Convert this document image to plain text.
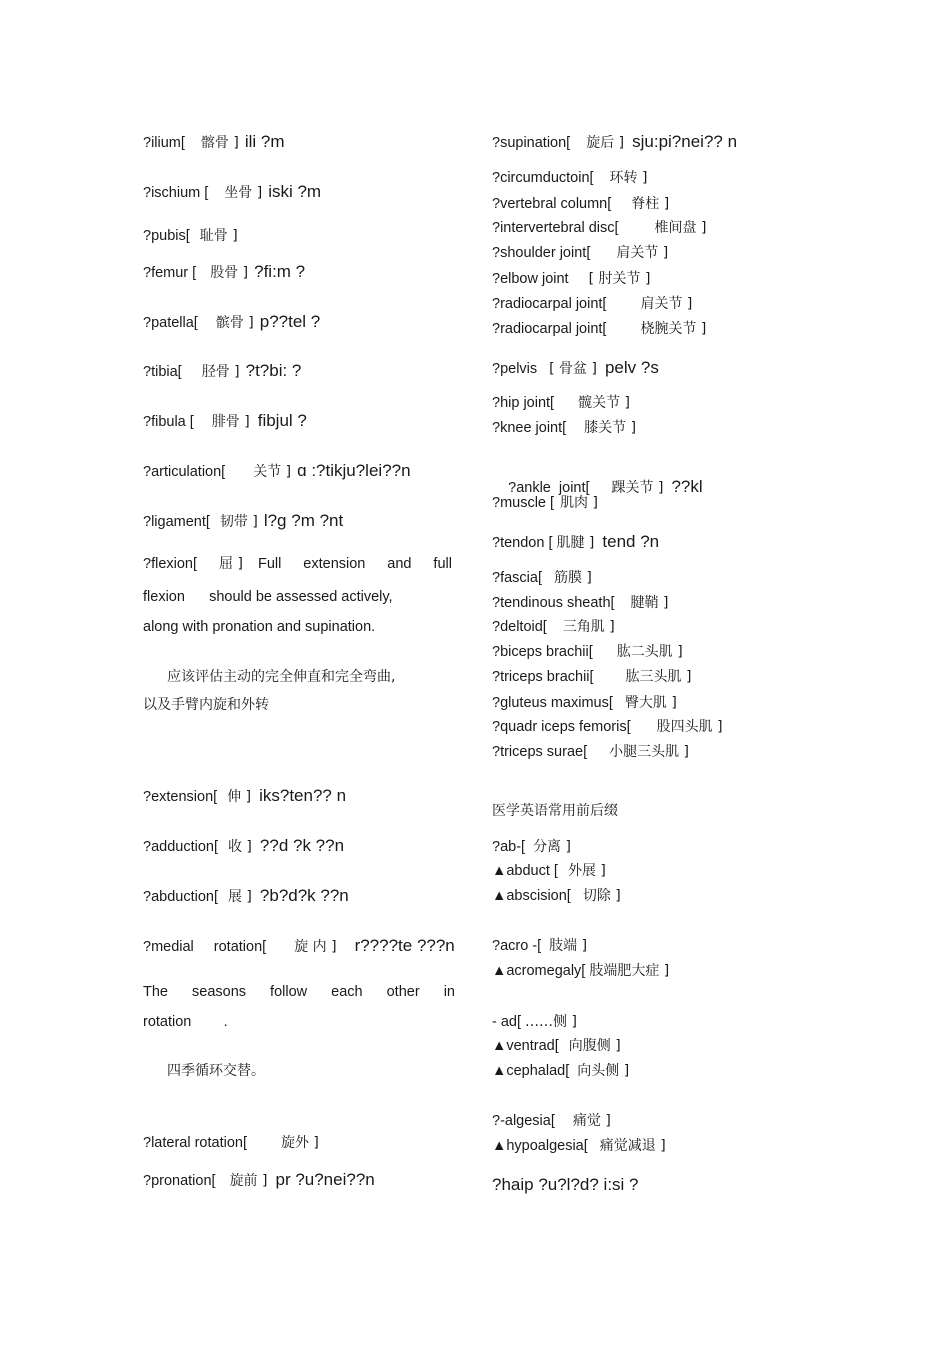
?ilium[ 髂骨 ] ili ?m
?ischium [ 坐骨 ] iski ?m
?pubis[ 耻骨 ]
?femur [ 股骨 ] ?fi:m ?
?patella[ 髌骨 ] p??tel ?
?tibia[ 胫骨 ] ?t?bi: ?
?fibula [ 腓骨 ] fibjul ?
?articulation[ 关节 ] ɑ :?tikju?lei??n
?ligament[ 韧带 ] l?g ?m ?nt
?flexion[ 屈 ] Full extension and full
flexion      should be assessed actively,
along with pronation and supination.
应该评估主动的完全伸直和完全弯曲,
以及手臂内旋和外转
?extension[ 伸 ] iks?ten?? n
?adduction[ 收 ] ??d ?k ??n
?abduction[ 展 ] ?b?d?k ??n
?medial rotation[ 旋 内 ] r????te ???n
The seasons follow each other in
rotation        .
四季循环交替。
?lateral rotation[ 旋外 ]
?pronation[ 旋前 ] pr ?u?nei??n
?supination[ 旋后 ] sju:pi?nei?? n
?circumductoin[ 环转 ]
?vertebral column[ 脊柱 ]
?intervertebral disc[	椎间盘 ]
?shoulder joint[ 肩关节 ]
?elbow joint [ 肘关节 ]
?radiocarpal joint[ 肩关节 ]
?radiocarpal joint[ 桡腕关节 ]
?pelvis [ 骨盆 ] pelv ?s
?hip joint[ 髋关节 ]
?knee joint[ 膝关节 ]

?ankle  joint[ 踝关节 ] ??kl

?muscle [ 肌肉 ]
?tendon [ 肌腱 ] tend ?n
?fascia[ 筋膜 ]
?tendinous sheath[ 腱鞘 ]
?deltoid[ 三角肌 ]
?biceps brachii[ 肱二头肌 ]
?triceps brachii[ 肱三头肌 ]
?gluteus maximus[ 臀大肌 ]
?quadr iceps femoris[ 股四头肌 ]
?triceps surae[ 小腿三头肌 ]
医学英语常用前后缀
?ab-[ 分离 ]
▲abduct [ 外展 ]
▲abscision[ 切除 ]
?acro -[ 肢端 ]
▲acromegaly[ 肢端肥大症 ]
- ad[ ……侧 ]
▲ventrad[ 向腹侧 ]
▲cephalad[ 向头侧 ]
?-algesia[ 痛觉 ]
▲hypoalgesia[ 痛觉减退 ]
?haip ?u?l?d? i:si ?
